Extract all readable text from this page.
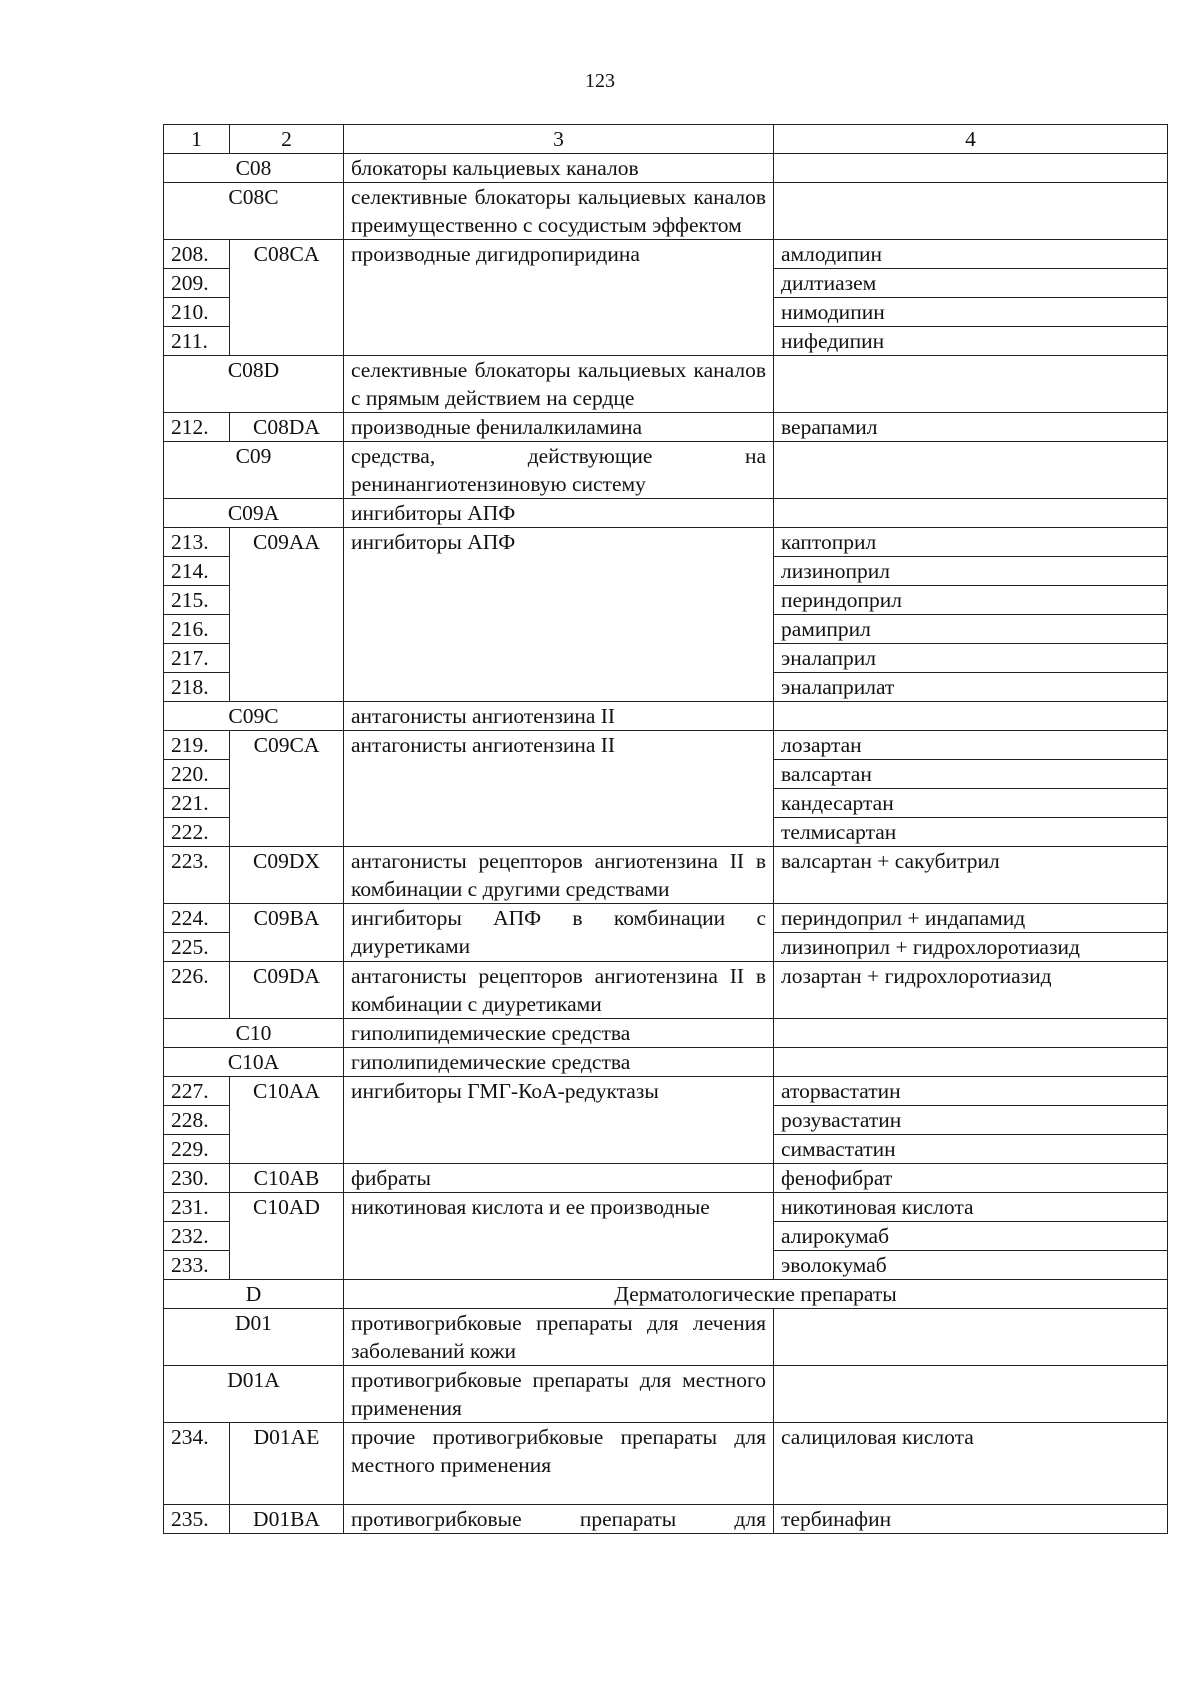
123
1	2	3	4
C08		блокаторы кальциевых каналов	
C08C		селективные блокаторы кальциевых каналов преимущественно с сосудистым эффектом	
208.	C08CA	производные дигидропиридина	амлодипин
209.			дилтиазем
210.			нимодипин
211.			нифедипин
C08D		селективные блокаторы кальциевых каналов с прямым действием на сердце	
212.	C08DA	производные фенилалкиламина	верапамил
C09		средства, действующие на ренинангиотензиновую систему	
C09A		ингибиторы АПФ	
213.	C09AA	ингибиторы АПФ	каптоприл
214.			лизиноприл
215.			периндоприл
216.			рамиприл
217.			эналаприл
218.			эналаприлат
C09C		антагонисты ангиотензина II	
219.	C09CA	антагонисты ангиотензина II	лозартан
220.			валсартан
221.			кандесартан
222.			телмисартан
223.	C09DX	антагонисты рецепторов ангиотензина II в комбинации с другими средствами	валсартан + сакубитрил
224.	C09BA	ингибиторы АПФ в комбинации с диуретиками	периндоприл + индапамид
225.			лизиноприл + гидрохлоротиазид
226.	C09DA	антагонисты рецепторов ангиотензина II в комбинации с диуретиками	лозартан + гидрохлоротиазид
C10		гиполипидемические средства	
C10A		гиполипидемические средства	
227.	C10AA	ингибиторы ГМГ-КоА-редуктазы	аторвастатин
228.			розувастатин
229.			симвастатин
230.	C10AB	фибраты	фенофибрат
231.	C10AD	никотиновая кислота и ее производные	никотиновая кислота
232.			алирокумаб
233.			эволокумаб
D		Дерматологические препараты	
D01		противогрибковые препараты для лечения заболеваний кожи	
D01A		противогрибковые препараты для местного применения	
234.	D01AE	прочие противогрибковые препараты для местного применения	салициловая кислота
235.	D01BA	противогрибковые препараты для	тербинафин
